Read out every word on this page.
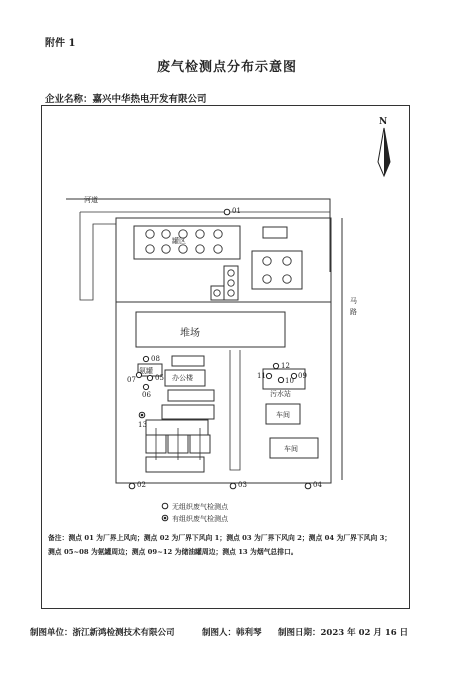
附件 1
废气检测点分布示意图
企业名称：嘉兴中华热电开发有限公司
N
河道
马路
罐区
堆场
办公楼
氨罐
污水站
车间
车间
01
02	03	04
05
06
07
08
09
10
11
12
13
无组织废气检测点
有组织废气检测点
备注：测点 01 为厂界上风向；测点 02 为厂界下风向 1；测点 03 为厂界下风向 2；测点 04 为厂界下风向 3；测点 05~08 为氨罐周边；测点 09~12 为储油罐周边；测点 13 为烟气总排口。
制图单位：浙江新鸿检测技术有限公司	制图人：韩利琴 制图日期：2023 年 02 月 16 日
